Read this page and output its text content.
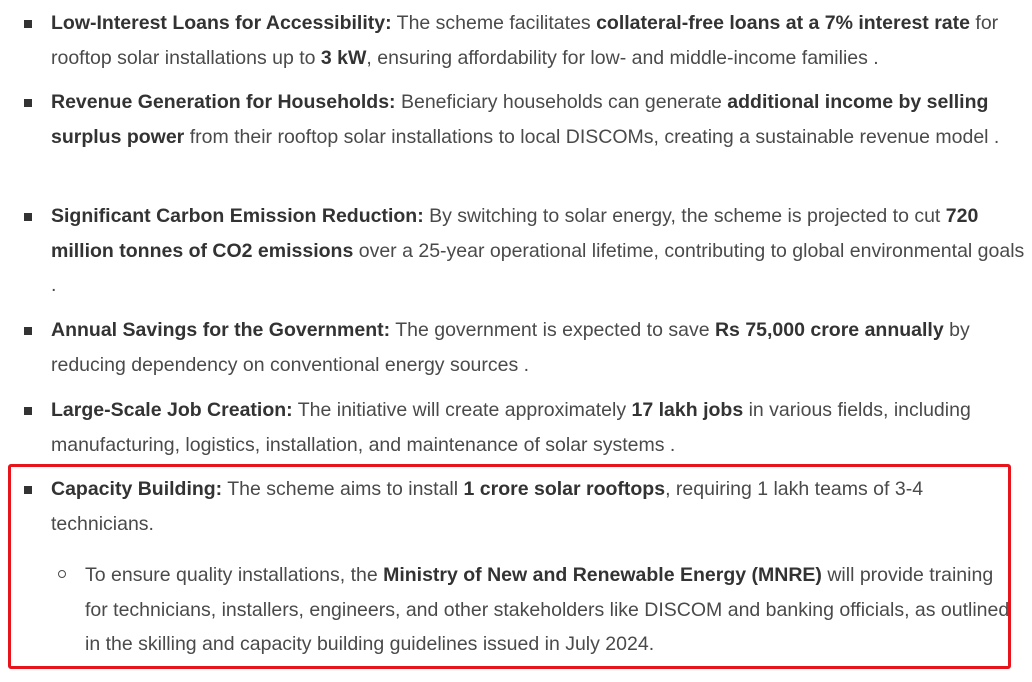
Low-Interest Loans for Accessibility: The scheme facilitates collateral-free loans at a 7% interest rate for rooftop solar installations up to 3 kW, ensuring affordability for low- and middle-income families .
Revenue Generation for Households: Beneficiary households can generate additional income by selling surplus power from their rooftop solar installations to local DISCOMs, creating a sustainable revenue model .
Significant Carbon Emission Reduction: By switching to solar energy, the scheme is projected to cut 720 million tonnes of CO2 emissions over a 25-year operational lifetime, contributing to global environmental goals .
Annual Savings for the Government: The government is expected to save Rs 75,000 crore annually by reducing dependency on conventional energy sources .
Large-Scale Job Creation: The initiative will create approximately 17 lakh jobs in various fields, including manufacturing, logistics, installation, and maintenance of solar systems .
Capacity Building: The scheme aims to install 1 crore solar rooftops, requiring 1 lakh teams of 3-4 technicians.
To ensure quality installations, the Ministry of New and Renewable Energy (MNRE) will provide training for technicians, installers, engineers, and other stakeholders like DISCOM and banking officials, as outlined in the skilling and capacity building guidelines issued in July 2024.
